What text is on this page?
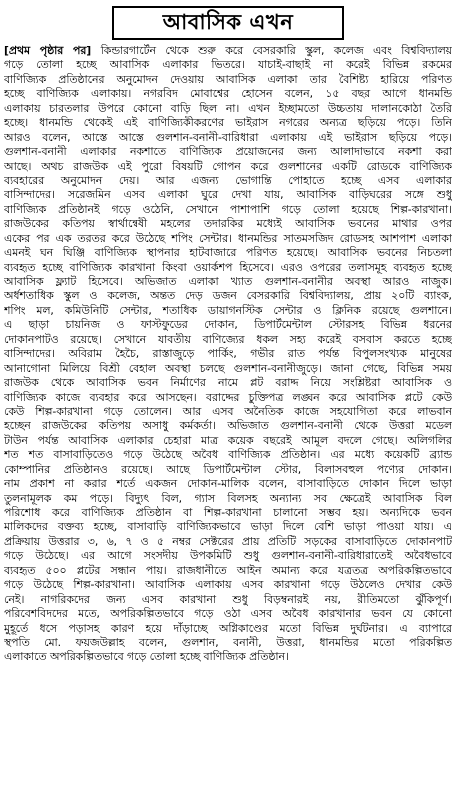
আবাসিক এখন
[প্রথম পৃষ্ঠার পর] কিন্ডারগার্টেন থেকে শুরু করে বেসরকারি স্কুল, কলেজ এবং বিশ্ববিদ্যালয়
গড়ে তোলা হচ্ছে আবাসিক এলাকার ভিতরে। যাচাই-বাছাই না করেই বিভিন্ন রকমের
বাণিজ্যিক প্রতিষ্ঠানের অনুমোদন দেওয়ায় আবাসিক এলাকা তার বৈশিষ্ট্য হারিয়ে পরিণত
হচ্ছে বাণিজ্যিক এলাকায়। নগরবিদ মোবাশ্বের হোসেন বলেন, ১৫ বছর আগে ধানমন্ডি
এলাকায় চারতলার উপরে কোনো বাড়ি ছিল না। এখন ইচ্ছামতো উচ্চতায় দালানকোঠা তৈরি
হচ্ছে। ধানমন্ডি থেকেই এই বাণিজ্যিকীকরণের ভাইরাস নগরের অন্যত্র ছড়িয়ে পড়ে। তিনি
আরও বলেন, আস্তে আস্তে গুলশান-বনানী-বারিধারা এলাকায় এই ভাইরাস ছড়িয়ে পড়ে।
গুলশান-বনানী এলাকার নকশাতে বাণিজ্যিক প্রয়োজনের জন্য আলাদাভাবে নকশা করা
আছে। অথচ রাজউক এই পুরো বিষয়টি গোপন করে গুলশানের একটি রোডকে বাণিজ্যিক
ব্যবহারের অনুমোদন দেয়। আর এজন্য ভোগান্তি পোহাতে হচ্ছে এসব এলাকার
বাসিন্দাদের। সরেজমিন এসব এলাকা ঘুরে দেখা যায়, আবাসিক বাড়িঘরের সঙ্গে শুধু
বাণিজ্যিক প্রতিষ্ঠানই গড়ে ওঠেনি, সেখানে পাশাপাশি গড়ে তোলা হয়েছে শিল্প-কারখানা।
রাজউকের কতিপয় স্বার্থান্বেষী মহলের তদারকির মধ্যেই আবাসিক ভবনের মাথার ওপর
একের পর এক তরতর করে উঠেছে শপিং সেন্টার। ধানমন্ডির সাতমসজিদ রোডসহ আশপাশ এলাকা
এমনই ঘন ঘিঞ্জি বাণিজ্যিক স্থাপনার হাটবাজারে পরিণত হয়েছে। আবাসিক ভবনের নিচতলা
ব্যবহৃত হচ্ছে বাণিজ্যিক কারখানা কিংবা ওয়ার্কশপ হিসেবে। এরও ওপরের তলাসমূহ ব্যবহৃত হচ্ছে
আবাসিক ফ্ল্যাট হিসেবে। অভিজাত এলাকা খ্যাত গুলশান-বনানীর অবস্থা আরও নাজুক।
অর্ধশতাধিক স্কুল ও কলেজ, অন্তত দেড় ডজন বেসরকারি বিশ্ববিদ্যালয়, প্রায় ২০টি ব্যাংক,
শপিং মল, কমিউনিটি সেন্টার, শতাধিক ডায়াগনস্টিক সেন্টার ও ক্লিনিক রয়েছে গুলশানে।
এ ছাড়া চায়নিজ ও ফাস্টফুডের দোকান, ডিপার্টমেন্টাল স্টোরসহ বিভিন্ন ধরনের
দোকানপাটও রয়েছে। সেখানে যাবতীয় বাণিজ্যের ধকল সহ্য করেই বসবাস করতে হচ্ছে
বাসিন্দাদের। অবিরাম হৈচৈ, রাস্তাজুড়ে পার্কিং, গভীর রাত পর্যন্ত বিপুলসংখ্যক মানুষের
আনাগোনা মিলিয়ে বিশ্রী বেহাল অবস্থা চলছে গুলশান-বনানীজুড়ে। জানা গেছে, বিভিন্ন সময়
রাজউক থেকে আবাসিক ভবন নির্মাণের নামে প্লট বরাদ্দ নিয়ে সংশ্লিষ্টরা আবাসিক ও
বাণিজ্যিক কাজে ব্যবহার করে আসছেন। বরাদ্দের চুক্তিপত্র লঙ্ঘন করে আবাসিক প্লটে কেউ
কেউ শিল্প-কারখানা গড়ে তোলেন। আর এসব অনৈতিক কাজে সহযোগিতা করে লাভবান
হচ্ছেন রাজউকের কতিপয় অসাধু কর্মকর্তা। অভিজাত গুলশান-বনানী থেকে উত্তরা মডেল
টাউন পর্যন্ত আবাসিক এলাকার চেহারা মাত্র কয়েক বছরেই আমূল বদলে গেছে। অলিগলির
শত শত বাসাবাড়িতেও গড়ে উঠেছে অবৈধ বাণিজ্যিক প্রতিষ্ঠান। এর মধ্যে কয়েকটি ব্র্যান্ড
কোম্পানির প্রতিষ্ঠানও রয়েছে। আছে ডিপার্টমেন্টাল স্টোর, বিলাসবহুল পণ্যের দোকান।
নাম প্রকাশ না করার শর্তে একজন দোকান-মালিক বলেন, বাসাবাড়িতে দোকান দিলে ভাড়া
তুলনামূলক কম পড়ে। বিদ্যুৎ বিল, গ্যাস বিলসহ অন্যান্য সব ক্ষেত্রেই আবাসিক বিল
পরিশোধ করে বাণিজ্যিক প্রতিষ্ঠান বা শিল্প-কারখানা চালানো সম্ভব হয়। অন্যদিকে ভবন
মালিকদের বক্তব্য হচ্ছে, বাসাবাড়ি বাণিজ্যিকভাবে ভাড়া দিলে বেশি ভাড়া পাওয়া যায়। এ
প্রক্রিয়ায় উত্তরার ৩, ৬, ৭ ও ৫ নম্বর সেক্টরের প্রায় প্রতিটি সড়কের বাসাবাড়িতে দোকানপাট
গড়ে উঠেছে। এর আগে সংসদীয় উপকমিটি শুধু গুলশান-বনানী-বারিধারাতেই অবৈধভাবে
ব্যবহৃত ৫০০ প্লটের সন্ধান পায়। রাজধানীতে আইন অমান্য করে যত্রতত্র অপরিকল্পিতভাবে
গড়ে উঠেছে শিল্প-কারখানা। আবাসিক এলাকায় এসব কারখানা গড়ে উঠলেও দেখার কেউ
নেই। নাগরিকদের জন্য এসব কারখানা শুধু বিড়ম্বনারই নয়, রীতিমতো ঝুঁকিপূর্ণ।
পরিবেশবিদদের মতে, অপরিকল্পিতভাবে গড়ে ওঠা এসব অবৈধ কারখানার ভবন যে কোনো
মুহূর্তে ধসে পড়াসহ কারণ হয়ে দাঁড়াচ্ছে অগ্নিকাণ্ডের মতো বিভিন্ন দুর্ঘটনার। এ ব্যাপারে
স্থপতি মো. ফয়জউল্লাহ বলেন, গুলশান, বনানী, উত্তরা, ধানমন্ডির মতো পরিকল্পিত
এলাকাতে অপরিকল্পিতভাবে গড়ে তোলা হচ্ছে বাণিজ্যিক প্রতিষ্ঠান।
